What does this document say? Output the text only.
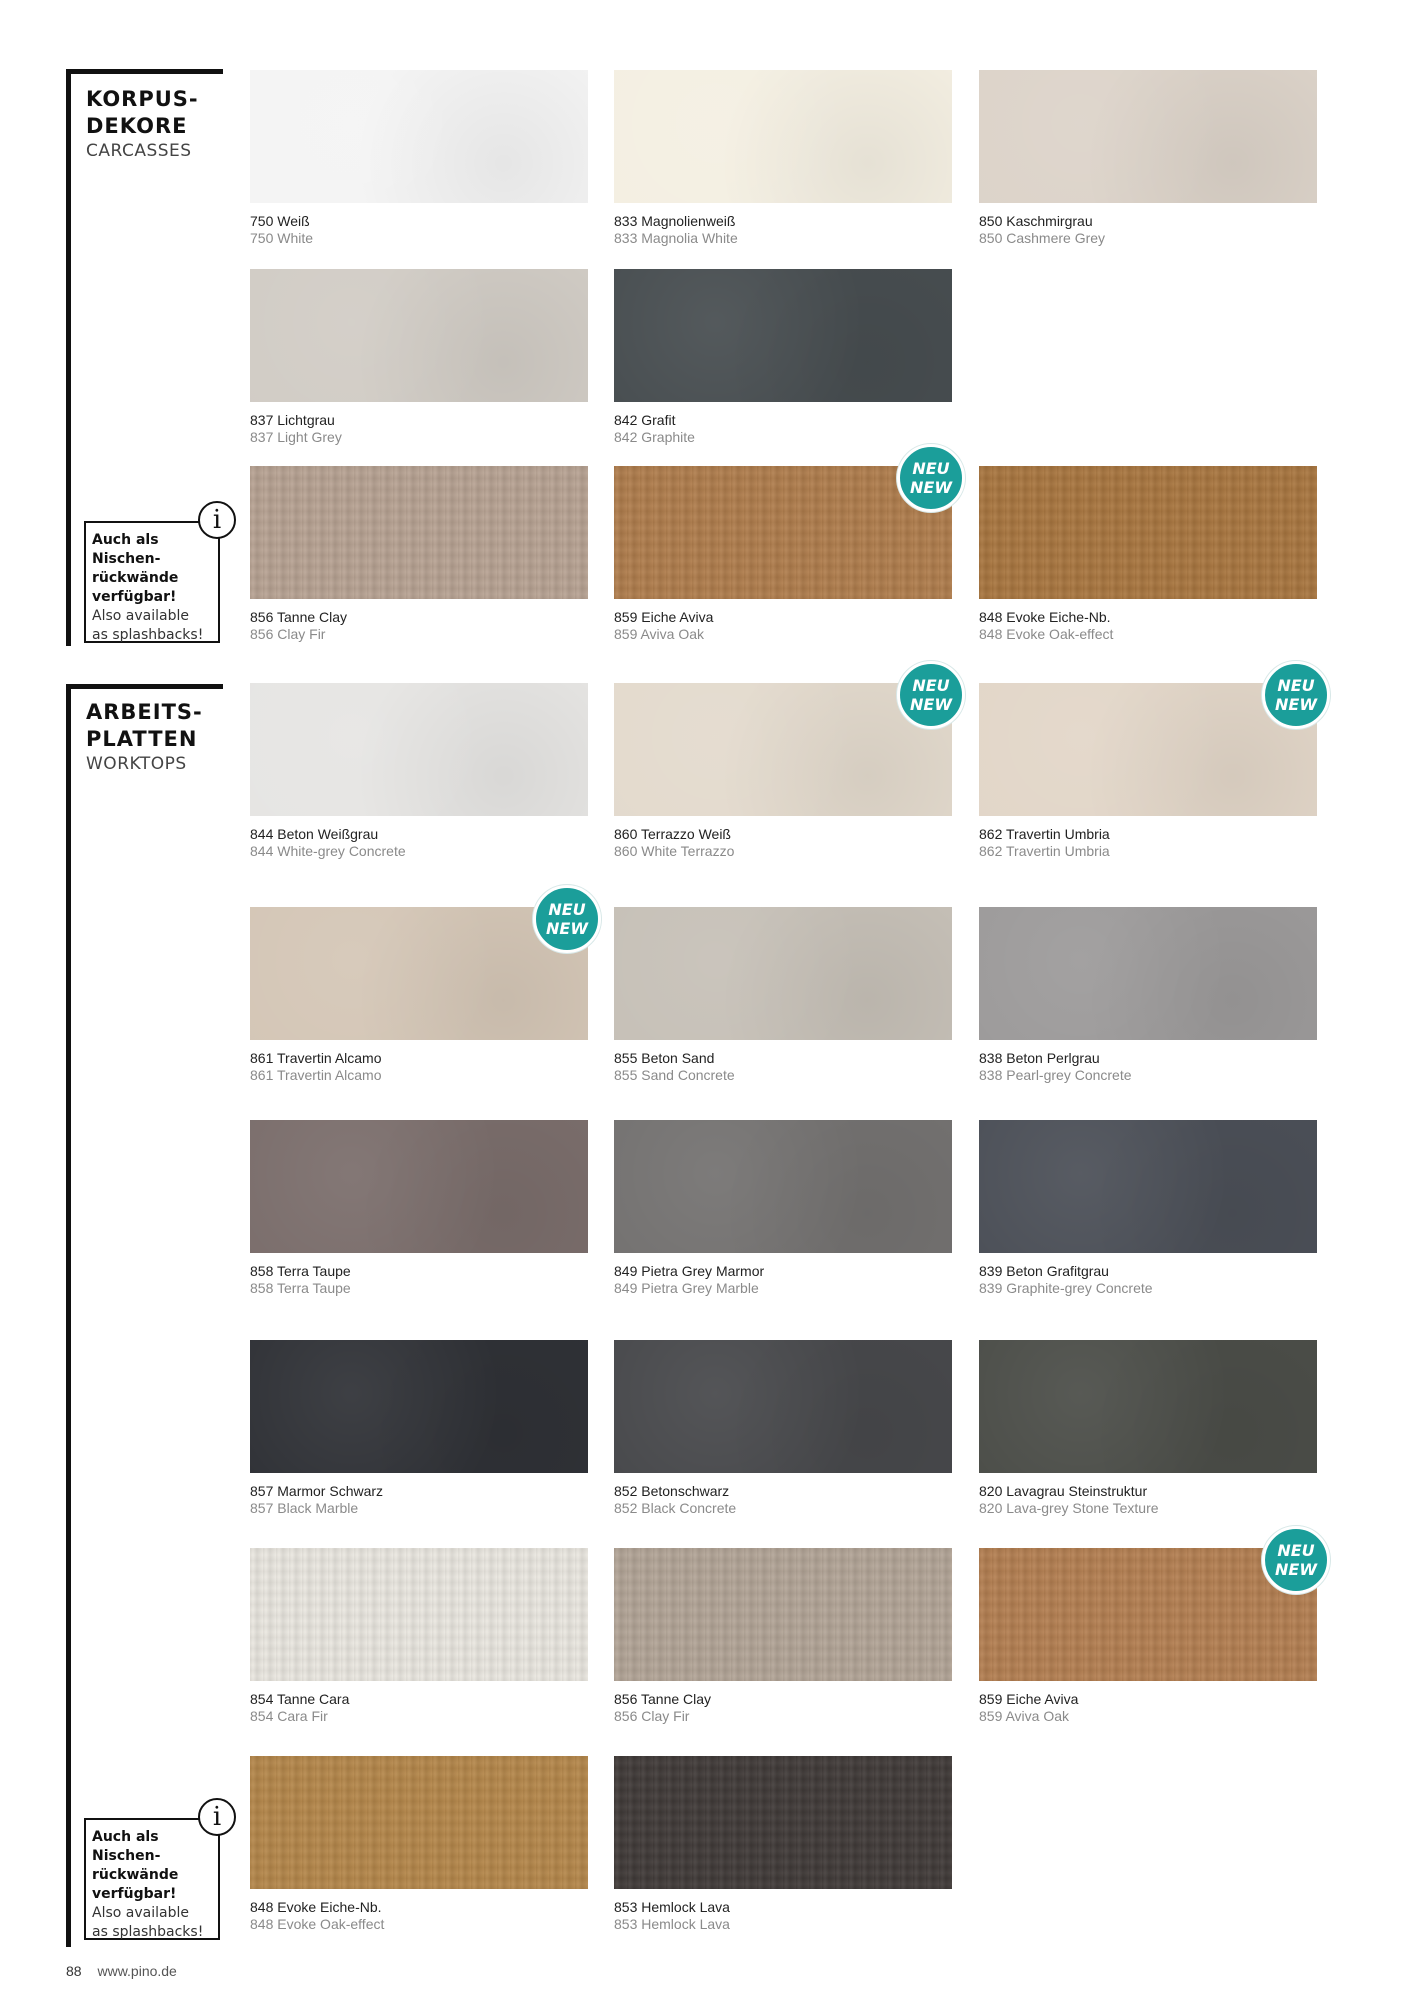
KORPUS-
DEKORE
CARCASSES
i
Auch als
Nischen-
rückwände
verfügbar!
Also available
as splashbacks!
ARBEITS-
PLATTEN
WORKTOPS
i
Auch als
Nischen-
rückwände
verfügbar!
Also available
as splashbacks!
750 Weiß
750 White
833 Magnolienweiß
833 Magnolia White
850 Kaschmirgrau
850 Cashmere Grey
837 Lichtgrau
837 Light Grey
842 Grafit
842 Graphite
856 Tanne Clay
856 Clay Fir
859 Eiche Aviva
859 Aviva Oak
NEU
NEW
848 Evoke Eiche-Nb.
848 Evoke Oak-effect
844 Beton Weißgrau
844 White-grey Concrete
860 Terrazzo Weiß
860 White Terrazzo
NEU
NEW
862 Travertin Umbria
862 Travertin Umbria
NEU
NEW
861 Travertin Alcamo
861 Travertin Alcamo
NEU
NEW
855 Beton Sand
855 Sand Concrete
838 Beton Perlgrau
838 Pearl-grey Concrete
858 Terra Taupe
858 Terra Taupe
849 Pietra Grey Marmor
849 Pietra Grey Marble
839 Beton Grafitgrau
839 Graphite-grey Concrete
857 Marmor Schwarz
857 Black Marble
852 Betonschwarz
852 Black Concrete
820 Lavagrau Steinstruktur
820 Lava-grey Stone Texture
854 Tanne Cara
854 Cara Fir
856 Tanne Clay
856 Clay Fir
859 Eiche Aviva
859 Aviva Oak
NEU
NEW
848 Evoke Eiche-Nb.
848 Evoke Oak-effect
853 Hemlock Lava
853 Hemlock Lava
88 www.pino.de
